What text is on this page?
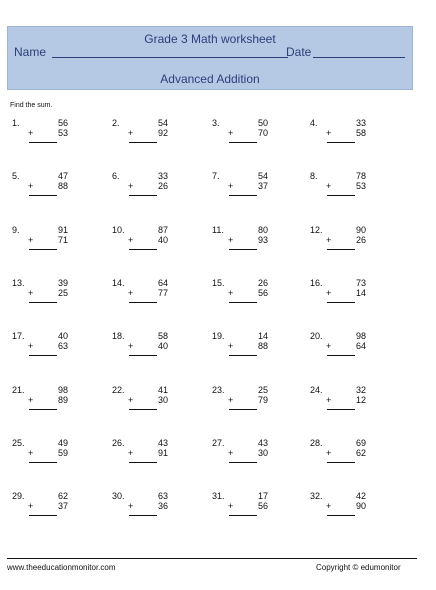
Grade 3 Math worksheet
Name	Date
Advanced Addition
Find the sum.
1.	56
+	53
2.	54
+	92
3.	50
+	70
4.	33
+	58
5.	47
+	88
6.	33
+	26
7.	54
+	37
8.	78
+	53
9.	91
+	71
10.	87
+	40
11.	80
+	93
12.	90
+	26
13.	39
+	25
14.	64
+	77
15.	26
+	56
16.	73
+	14
17.	40
+	63
18.	58
+	40
19.	14
+	88
20.	98
+	64
21.	98
+	89
22.	41
+	30
23.	25
+	79
24.	32
+	12
25.	49
+	59
26.	43
+	91
27.	43
+	30
28.	69
+	62
29.	62
+	37
30.	63
+	36
31.	17
+	56
32.	42
+	90
www.theeducationmonitor.com	Copyright © edumonitor
